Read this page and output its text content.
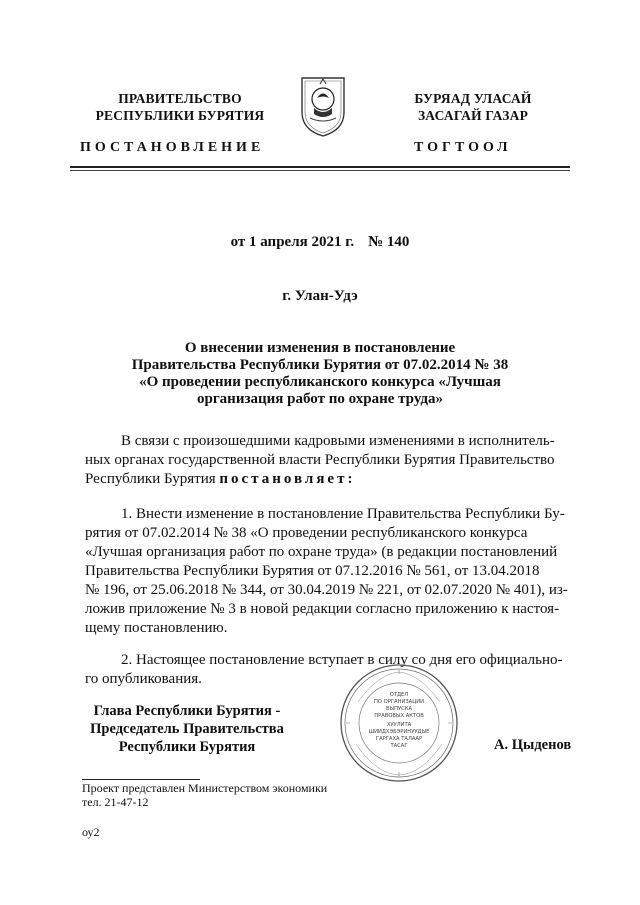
ПРАВИТЕЛЬСТВО
РЕСПУБЛИКИ БУРЯТИЯ
БУРЯАД УЛАСАЙ
ЗАСАГАЙ ГАЗАР
ПОСТАНОВЛЕНИЕ	ТОГТООЛ
от 1 апреля 2021 г. № 140
г. Улан-Удэ
О внесении изменения в постановление
Правительства Республики Бурятия от 07.02.2014 № 38
«О проведении республиканского конкурса «Лучшая
организация работ по охране труда»
В связи с произошедшими кадровыми изменениями в исполнитель-
ных органах государственной власти Республики Бурятия Правительство
Республики Бурятия постановляет:
1. Внести изменение в постановление Правительства Республики Бу-
рятия от 07.02.2014 № 38 «О проведении республиканского конкурса
«Лучшая организация работ по охране труда» (в редакции постановлений
Правительства Республики Бурятия от 07.12.2016 № 561, от 13.04.2018
№ 196, от 25.06.2018 № 344, от 30.04.2019 № 221, от 02.07.2020 № 401), из-
ложив приложение № 3 в новой редакции согласно приложению к настоя-
щему постановлению.
2. Настоящее постановление вступает в силу со дня его официально-
го опубликования.
Глава Республики Бурятия -
Председатель Правительства
Республики Бурятия
ОТДЕЛ
ПО ОРГАНИЗАЦИИ
ВЫПУСКА
ПРАВОВЫХ АКТОВ
ХУУЛИТА
ШИИДХЭБЭРИНУУДЫЕ
ГАРГАХА ТАЛААР
ТАСАГ	А. Цыденов
Проект представлен Министерством экономики
тел. 21-47-12
оу2
